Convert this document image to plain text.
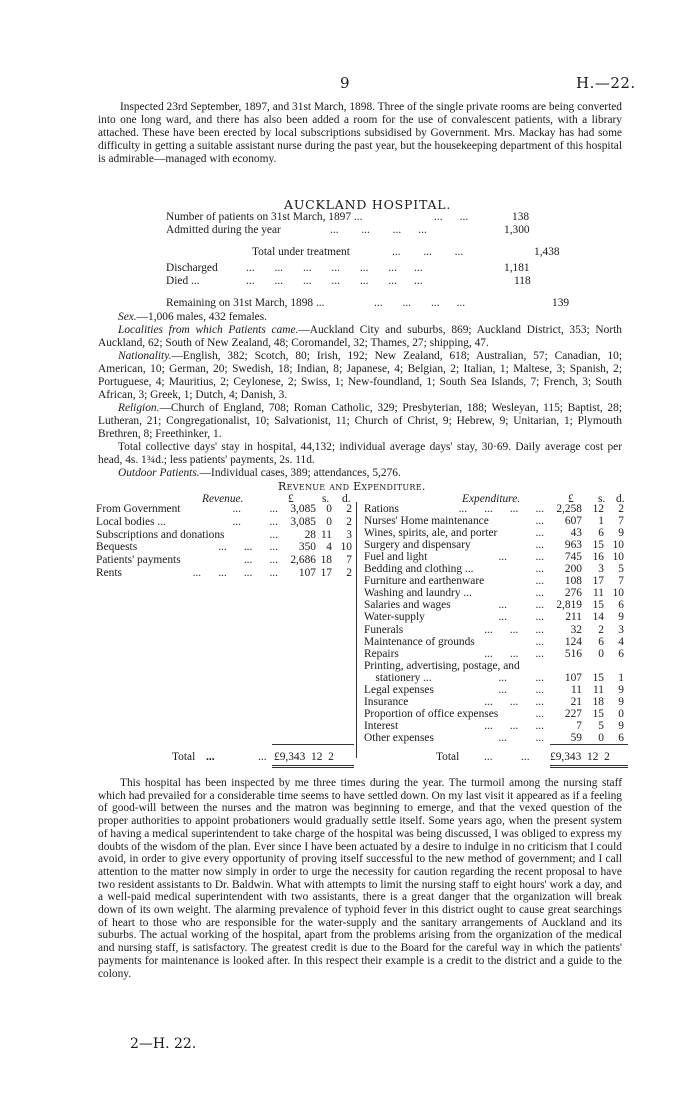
9	H.—22.

Inspected 23rd September, 1897, and 31st March, 1898. Three of the single private rooms are being converted into one long ward, and there has also been added a room for the use of convalescent patients, with a library attached. These have been erected by local subscriptions subsidised by Government. Mrs. Mackay has had some difficulty in getting a suitable assistant nurse during the past year, but the housekeeping department of this hospital is admirable—managed with economy.

AUCKLAND HOSPITAL.
Number of patients on 31st March, 1897 ...	...      ...	138
Admitted during the year	...        ...        ...      ...	1,300
Total under treatment	...        ...        ...	1,438
Discharged ...       ...       ...       ...       ...       ...      ...	1,181
Died ...	...       ...       ...       ...       ...       ...      ...	118
Remaining on 31st March, 1898 ...	...       ...       ...      ...	139

Sex.—1,006 males, 432 females.

Localities from which Patients came.—Auckland City and suburbs, 869; Auckland District, 353; North Auckland, 62; South of New Zealand, 48; Coromandel, 32; Thames, 27; shipping, 47.

Nationality.—English, 382; Scotch, 80; Irish, 192; New Zealand, 618; Australian, 57; Canadian, 10; American, 10; German, 20; Swedish, 18; Indian, 8; Japanese, 4; Belgian, 2; Italian, 1; Maltese, 3; Spanish, 2; Portuguese, 4; Mauritius, 2; Ceylonese, 2; Swiss, 1; New-foundland, 1; South Sea Islands, 7; French, 3; South African, 3; Greek, 1; Dutch, 4; Danish, 3.

Religion.—Church of England, 708; Roman Catholic, 329; Presbyterian, 188; Wesleyan, 115; Baptist, 28; Lutheran, 21; Congregationalist, 10; Salvationist, 11; Church of Christ, 9; Hebrew, 9; Unitarian, 1; Plymouth Brethren, 8; Freethinker, 1.

Total collective days' stay in hospital, 44,132; individual average days' stay, 30·69. Daily average cost per head, 4s. 1¾d.; less patients' payments, 2s. 11d.

Outdoor Patients.—Individual cases, 389; attendances, 5,276.

Revenue and Expenditure.
Revenue.	£ s. d.	Expenditure.	£ s. d.
From Government	...          ... 3,085 0 2
Local bodies ...	...          ... 3,085 0 2
Subscriptions and donations	... 28 11 3
Bequests	...      ...      ... 350 4 10
Patients' payments	...      ... 2,686 18 7
Rents	...      ...      ...      ... 107 17 2
Rations	...      ...      ...      ... 2,258 12 2
Nurses' Home maintenance	... 607 1 7
Wines, spirits, ale, and porter	... 43 6 9
Surgery and dispensary	... 963 15 10
Fuel and light	...          ... 745 16 10
Bedding and clothing ...	... 200 3 5
Furniture and earthenware	... 108 17 7
Washing and laundry ...	... 276 11 10
Salaries and wages	...          ... 2,819 15 6
Water-supply	...          ... 211 14 9
Funerals	...      ...      ... 32 2 3
Maintenance of grounds	... 124 6 4
Repairs	...      ...      ... 516 0 6
Printing, advertising, postage, and
stationery ...	...          ... 107 15 1
Legal expenses	...          ... 11 11 9
Insurance	...      ...      ... 21 18 9
Proportion of office expenses	... 227 15 0
Interest	...      ...      ...	7 5 9
Other expenses	...          ... 59 0 6
Total ...	... £9,343  12  2	Total ...          ... £9,343  12  2

This hospital has been inspected by me three times during the year. The turmoil among the nursing staff which had prevailed for a considerable time seems to have settled down. On my last visit it appeared as if a feeling of good-will between the nurses and the matron was beginning to emerge, and that the vexed question of the proper authorities to appoint probationers would gradually settle itself. Some years ago, when the present system of having a medical superintendent to take charge of the hospital was being discussed, I was obliged to express my doubts of the wisdom of the plan. Ever since I have been actuated by a desire to indulge in no criticism that I could avoid, in order to give every opportunity of proving itself successful to the new method of government; and I call attention to the matter now simply in order to urge the necessity for caution regarding the recent proposal to have two resident assistants to Dr. Baldwin. What with attempts to limit the nursing staff to eight hours' work a day, and a well-paid medical superintendent with two assistants, there is a great danger that the organization will break down of its own weight. The alarming prevalence of typhoid fever in this district ought to cause great searchings of heart to those who are responsible for the water-supply and the sanitary arrangements of Auckland and its suburbs. The actual working of the hospital, apart from the problems arising from the organization of the medical and nursing staff, is satisfactory. The greatest credit is due to the Board for the careful way in which the patients' payments for maintenance is looked after. In this respect their example is a credit to the district and a guide to the colony.

2—H. 22.
